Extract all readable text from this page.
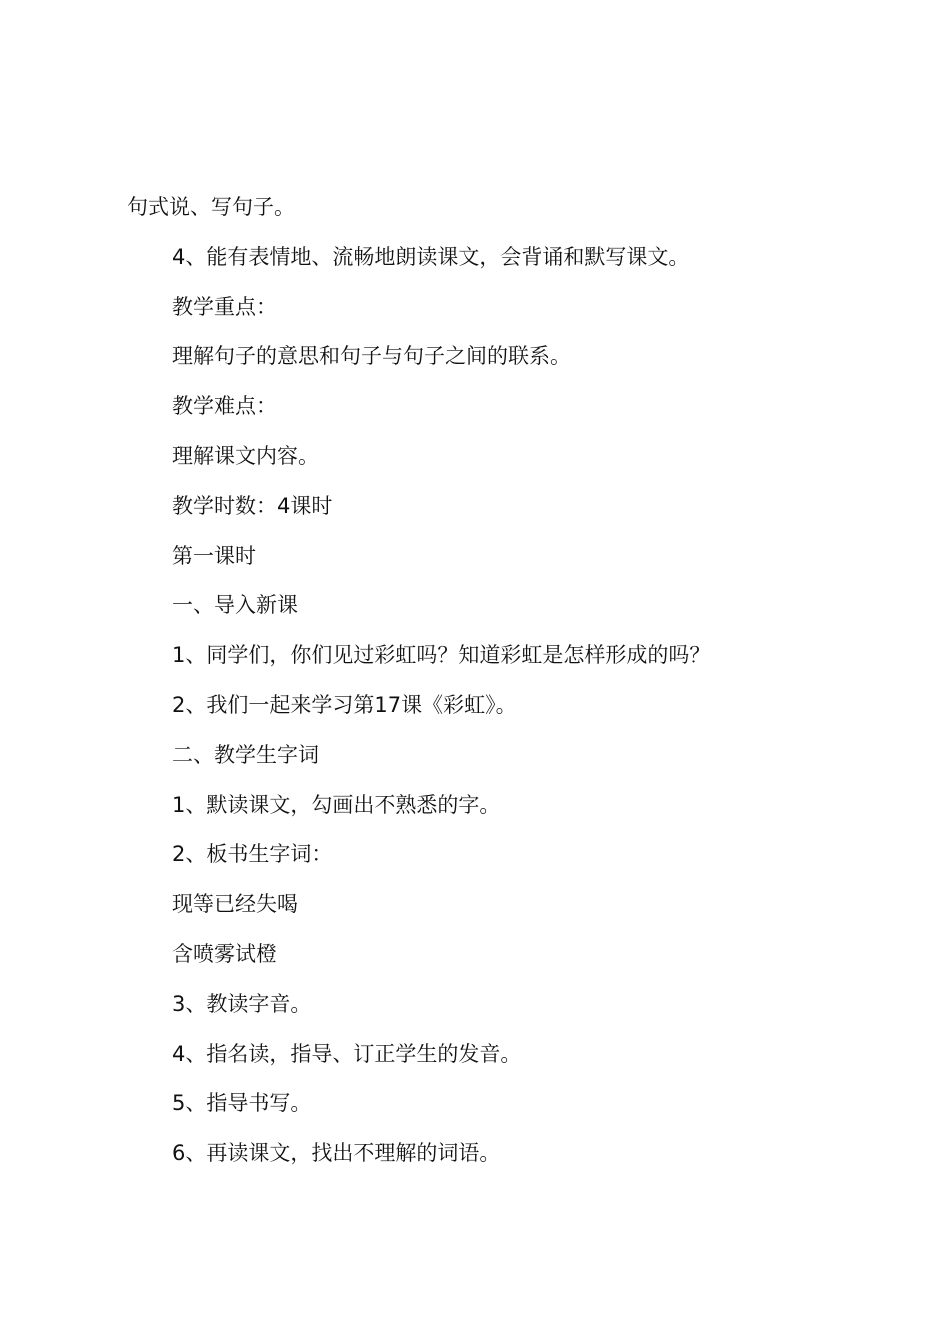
句式说、写句子。
4、能有表情地、流畅地朗读课文，会背诵和默写课文。
教学重点：
理解句子的意思和句子与句子之间的联系。
教学难点：
理解课文内容。
教学时数：4课时
第一课时
一、导入新课
1、同学们，你们见过彩虹吗？知道彩虹是怎样形成的吗？
2、我们一起来学习第17课《彩虹》。
二、教学生字词
1、默读课文，勾画出不熟悉的字。
2、板书生字词：
现等已经失喝
含喷雾试橙
3、教读字音。
4、指名读，指导、订正学生的发音。
5、指导书写。
6、再读课文，找出不理解的词语。
